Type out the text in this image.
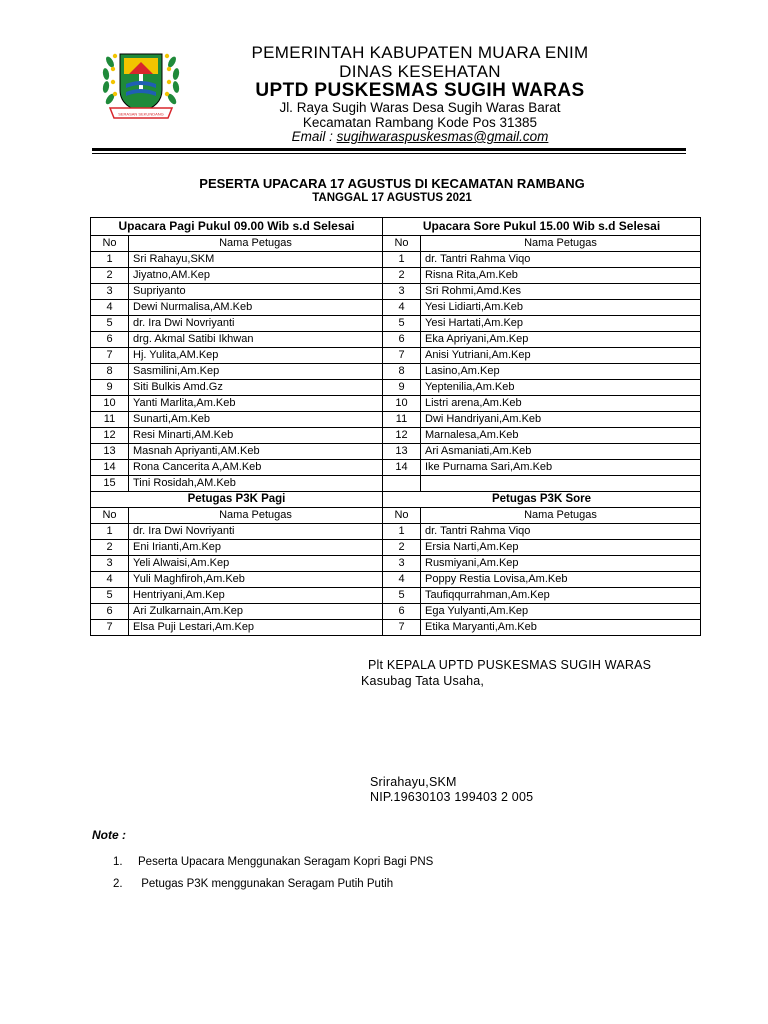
SERASAN SEKUNDANG
PEMERINTAH KABUPATEN MUARA ENIM
DINAS KESEHATAN
UPTD PUSKESMAS SUGIH WARAS
Jl. Raya Sugih Waras Desa Sugih Waras Barat
Kecamatan Rambang Kode Pos 31385
Email : sugihwaraspuskesmas@gmail.com
PESERTA UPACARA 17 AGUSTUS DI KECAMATAN RAMBANG
TANGGAL 17 AGUSTUS 2021
Upacara Pagi Pukul 09.00 Wib s.d Selesai		Upacara Sore Pukul 15.00 Wib s.d Selesai	
No	Nama Petugas	No	Nama Petugas
1	Sri Rahayu,SKM	1	dr. Tantri Rahma Viqo
2	Jiyatno,AM.Kep	2	Risna Rita,Am.Keb
3	Supriyanto	3	Sri Rohmi,Amd.Kes
4	Dewi Nurmalisa,AM.Keb	4	Yesi Lidiarti,Am.Keb
5	dr. Ira Dwi Novriyanti	5	Yesi Hartati,Am.Kep
6	drg. Akmal Satibi Ikhwan	6	Eka Apriyani,Am.Kep
7	Hj. Yulita,AM.Kep	7	Anisi Yutriani,Am.Kep
8	Sasmilini,Am.Kep	8	Lasino,Am.Kep
9	Siti Bulkis Amd.Gz	9	Yeptenilia,Am.Keb
10	Yanti Marlita,Am.Keb	10	Listri arena,Am.Keb
11	Sunarti,Am.Keb	11	Dwi Handriyani,Am.Keb
12	Resi Minarti,AM.Keb	12	Marnalesa,Am.Keb
13	Masnah Apriyanti,AM.Keb	13	Ari Asmaniati,Am.Keb
14	Rona Cancerita A,AM.Keb	14	Ike Purnama Sari,Am.Keb
15	Tini Rosidah,AM.Keb		
Petugas P3K Pagi		Petugas P3K Sore	
No	Nama Petugas	No	Nama Petugas
1	dr. Ira Dwi Novriyanti	1	dr. Tantri Rahma Viqo
2	Eni Irianti,Am.Kep	2	Ersia Narti,Am.Kep
3	Yeli Alwaisi,Am.Kep	3	Rusmiyani,Am.Kep
4	Yuli Maghfiroh,Am.Keb	4	Poppy Restia Lovisa,Am.Keb
5	Hentriyani,Am.Kep	5	Taufiqqurrahman,Am.Kep
6	Ari Zulkarnain,Am.Kep	6	Ega Yulyanti,Am.Kep
7	Elsa Puji Lestari,Am.Kep	7	Etika Maryanti,Am.Keb
Plt KEPALA UPTD PUSKESMAS SUGIH WARAS
Kasubag Tata Usaha,
Srirahayu,SKM
NIP.19630103 199403 2 005
Note :
1. Peserta Upacara Menggunakan Seragam Kopri Bagi PNS
2. Petugas P3K menggunakan Seragam Putih Putih
